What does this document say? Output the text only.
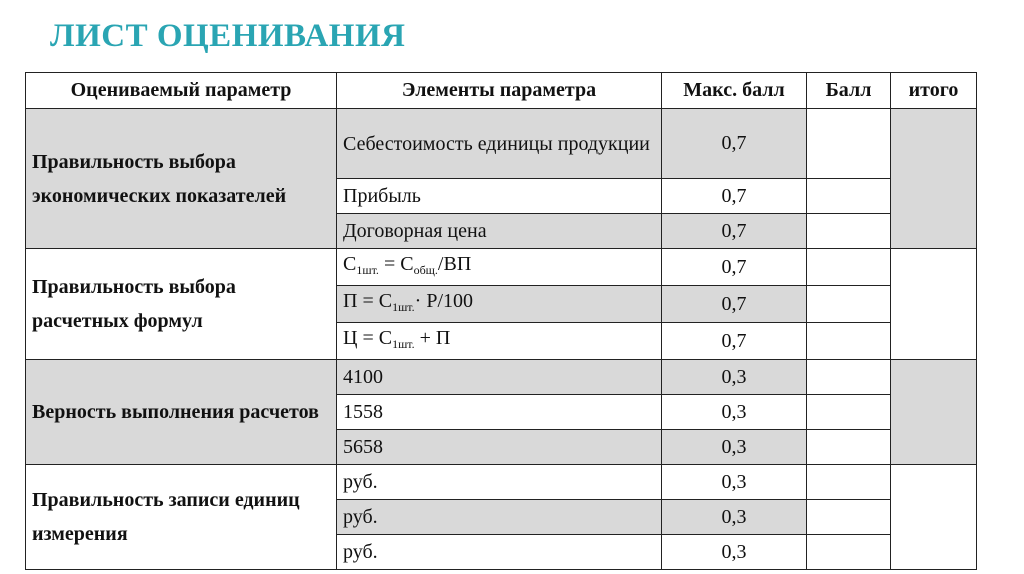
ЛИСТ ОЦЕНИВАНИЯ
Оцениваемый параметр	Элементы параметра	Макс. балл	Балл	итого
Правильность выбора экономических показателей	Себестоимость единицы продукции	0,7		
	Прибыль	0,7		
	Договорная цена	0,7		
Правильность выбора расчетных формул	$С_{1шт.} = С_{общ.}/ВП$	0,7		
	$П = С_{1шт.}\cdot Р/100$	0,7		
	$Ц = С_{1шт.} + П$	0,7		
Верность выполнения расчетов	4100	0,3		
	1558	0,3		
	5658	0,3		
Правильность записи единиц измерения	руб.	0,3		
	руб.	0,3		
	руб.	0,3		
